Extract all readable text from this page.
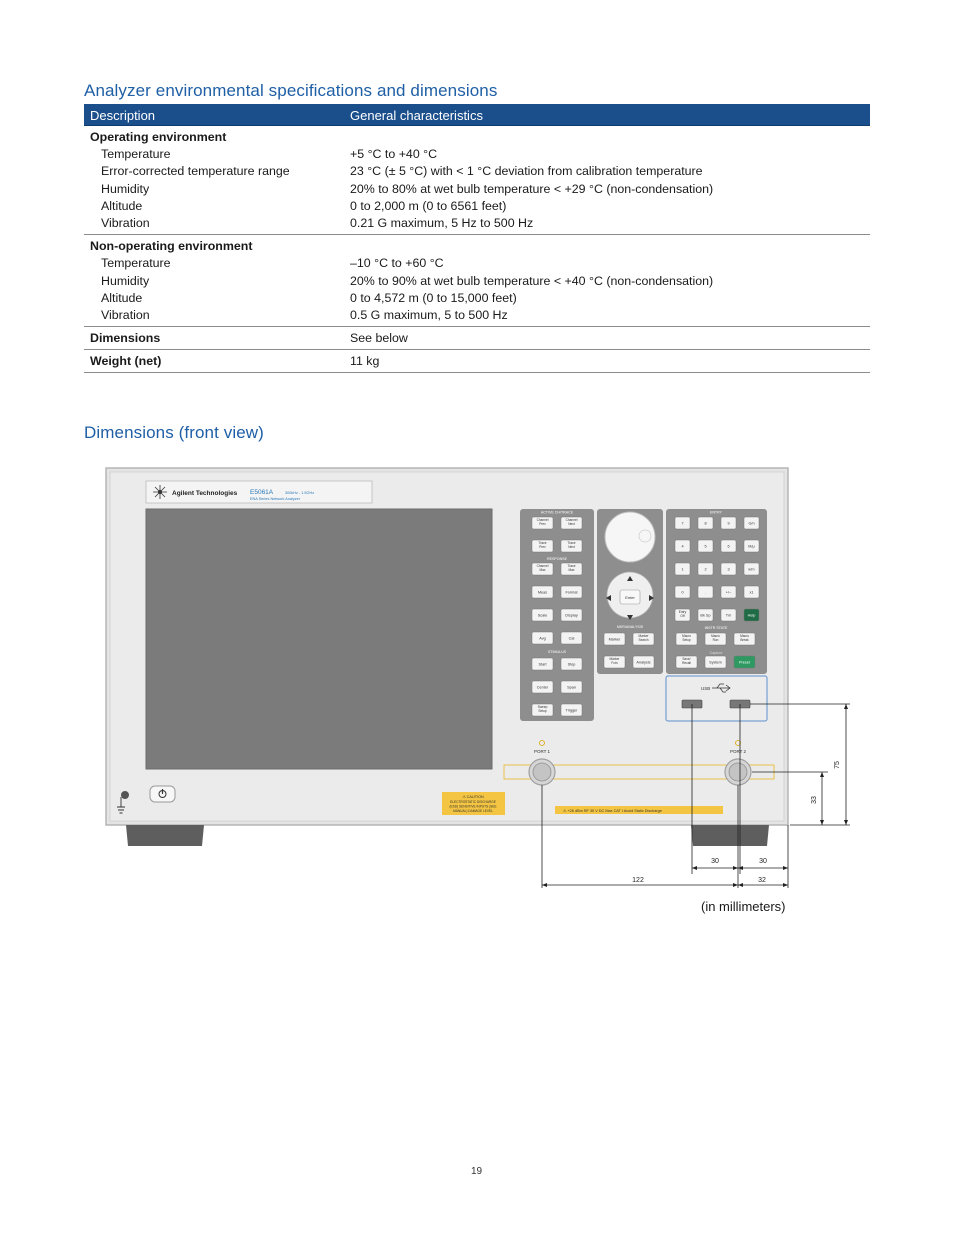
Analyzer environmental specifications and dimensions
Description	General characteristics
Operating environment
Temperature	+5 °C to +40 °C
Error-corrected temperature range	23 °C (± 5 °C) with < 1 °C deviation from calibration temperature
Humidity	20% to 80% at wet bulb temperature < +29 °C (non-condensation)
Altitude	0 to 2,000 m (0 to 6561 feet)
Vibration	0.21 G maximum, 5 Hz to 500 Hz
Non-operating environment
Temperature	–10 °C to +60 °C
Humidity	20% to 90% at wet bulb temperature < +40 °C (non-condensation)
Altitude	0 to 4,572 m (0 to 15,000 feet)
Vibration	0.5 G maximum, 5 to 500 Hz
Dimensions	See below
Weight (net)	11 kg
Dimensions (front view)
Agilent Technologies E5061A	300kHz - 1.5GHz
ENA Series Network Analyzer
⚠ CAUTION
ELECTROSTATIC DISCHARGE
(ESD) SENSITIVE INPUTS (SEE
MANUAL) DAMAGE LEVEL	⚠ +26 dBm RF 35 V DC Max CAT I Avoid Static Discharge
PORT 1	PORT 2
USB
ACTIVE CH/TRACE
RESPONSE
STIMULUS
Channel
Prev
Channel
Next
Trace
Prev
Trace
Next
Channel
Max
Trace
Max
Meas	Format
Scale	Display
Avg	Cal
Start	Stop
Center	Span
Sweep
Setup	Trigger
Enter
MKR/ANALYSIS
Marker
Marker
Search
Marker
Fctn	Analysis
ENTRY
INSTR STATE
Capture
7	8	9	G/n
4	5	6	M/μ
1	2	3	k/m
0	.	+/–	x1
Entry
Off	Bk Sp	Tm	Help
Macro
Setup
Macro
Run
Macro
Break
Save/
Recall	System	Preset
30	30
122	32
75
33
(in millimeters)
19
